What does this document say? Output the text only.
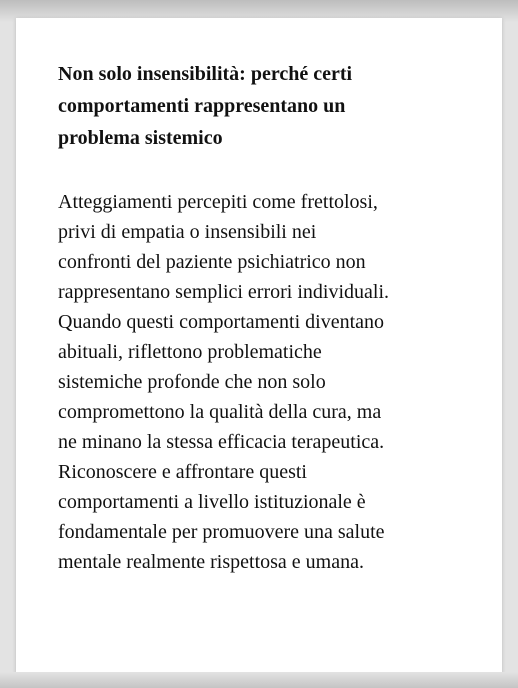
Non solo insensibilità: perché certi
comportamenti rappresentano un
problema sistemico

Atteggiamenti percepiti come frettolosi,
privi di empatia o insensibili nei
confronti del paziente psichiatrico non
rappresentano semplici errori individuali.
Quando questi comportamenti diventano
abituali, riflettono problematiche
sistemiche profonde che non solo
compromettono la qualità della cura, ma
ne minano la stessa efficacia terapeutica.
Riconoscere e affrontare questi
comportamenti a livello istituzionale è
fondamentale per promuovere una salute
mentale realmente rispettosa e umana.
